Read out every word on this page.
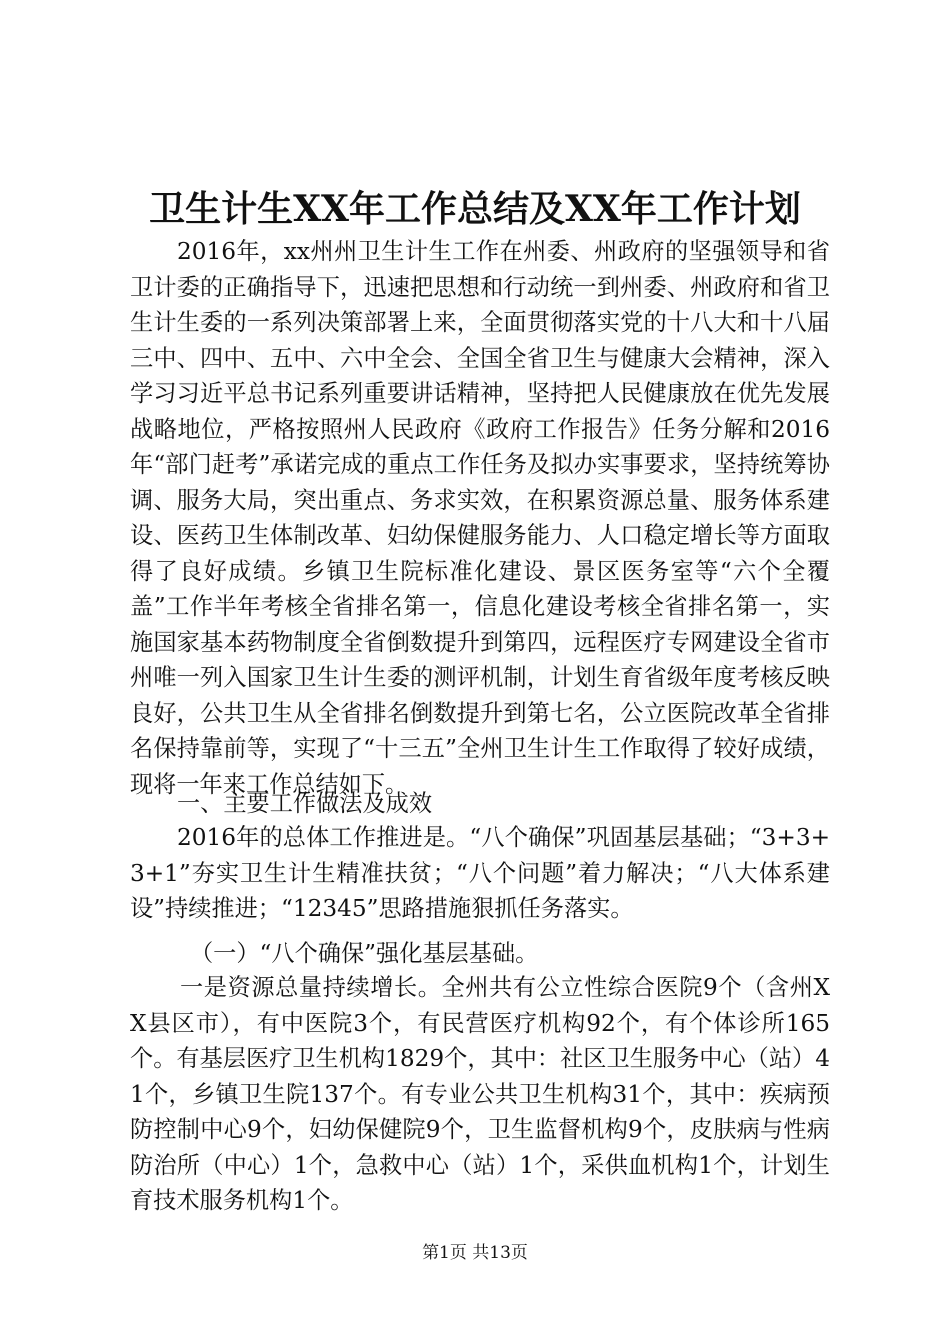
卫生计生XX年工作总结及XX年工作计划

2016年，xx州州卫生计生工作在州委、州政府的坚强领导和省卫计委的正确指导下，迅速把思想和行动统一到州委、州政府和省卫生计生委的一系列决策部署上来，全面贯彻落实党的十八大和十八届三中、四中、五中、六中全会、全国全省卫生与健康大会精神，深入学习习近平总书记系列重要讲话精神，坚持把人民健康放在优先发展战略地位，严格按照州人民政府《政府工作报告》任务分解和2016年“部门赶考”承诺完成的重点工作任务及拟办实事要求，坚持统筹协调、服务大局，突出重点、务求实效，在积累资源总量、服务体系建设、医药卫生体制改革、妇幼保健服务能力、人口稳定增长等方面取得了良好成绩。乡镇卫生院标准化建设、景区医务室等“六个全覆盖”工作半年考核全省排名第一，信息化建设考核全省排名第一，实施国家基本药物制度全省倒数提升到第四，远程医疗专网建设全省市州唯一列入国家卫生计生委的测评机制，计划生育省级年度考核反映良好，公共卫生从全省排名倒数提升到第七名，公立医院改革全省排名保持靠前等，实现了“十三五”全州卫生计生工作取得了较好成绩，现将一年来工作总结如下。

一、主要工作做法及成效

2016年的总体工作推进是。“八个确保”巩固基层基础；“3+3+3+1”夯实卫生计生精准扶贫；“八个问题”着力解决；“八大体系建设”持续推进；“12345”思路措施狠抓任务落实。

（一）“八个确保”强化基层基础。

一是资源总量持续增长。全州共有公立性综合医院9个（含州XX县区市），有中医院3个，有民营医疗机构92个，有个体诊所165个。有基层医疗卫生机构1829个，其中：社区卫生服务中心（站）41个，乡镇卫生院137个。有专业公共卫生机构31个，其中：疾病预防控制中心9个，妇幼保健院9个，卫生监督机构9个，皮肤病与性病防治所（中心）1个，急救中心（站）1个，采供血机构1个，计划生育技术服务机构1个。

第1页 共13页
